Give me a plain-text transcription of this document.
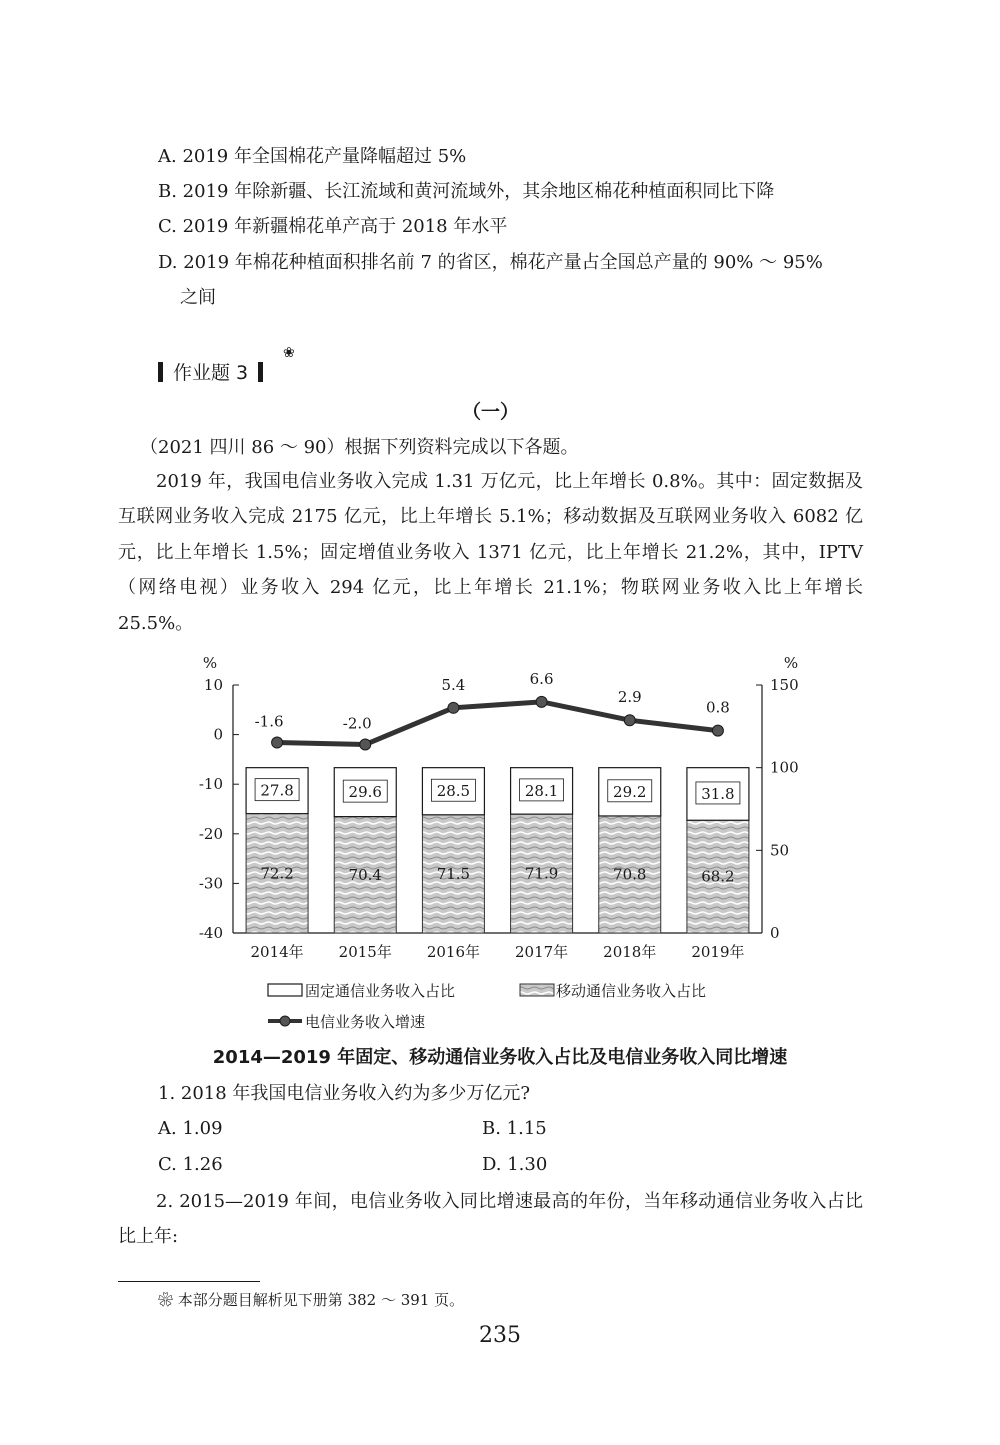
A. 2019 年全国棉花产量降幅超过 5%
B. 2019 年除新疆、长江流域和黄河流域外，其余地区棉花种植面积同比下降
C. 2019 年新疆棉花单产高于 2018 年水平
D. 2019 年棉花种植面积排名前 7 的省区，棉花产量占全国总产量的 90% ～ 95%
之间
作业题 3
❀
（一）
（2021 四川 86 ～ 90）根据下列资料完成以下各题。
2019 年，我国电信业务收入完成 1.31 万亿元，比上年增长 0.8%。其中：固定数据及互联网业务收入完成 2175 亿元，比上年增长 5.1%；移动数据及互联网业务收入 6082 亿元，比上年增长 1.5%；固定增值业务收入 1371 亿元，比上年增长 21.2%，其中，IPTV（网络电视）业务收入 294 亿元，比上年增长 21.1%；物联网业务收入比上年增长 25.5%。
10
0
-10
-20
-30
-40
%
150
100
50
0
%
27.8
72.2
2014年
29.6
70.4
2015年
28.5
71.5
2016年
28.1
71.9
2017年
29.2
70.8
2018年
31.8
68.2
2019年
-1.6	-2.0
5.4	6.6
2.9
0.8
固定通信业务收入占比	移动通信业务收入占比
电信业务收入增速
2014—2019 年固定、移动通信业务收入占比及电信业务收入同比增速
1. 2018 年我国电信业务收入约为多少万亿元?
A. 1.09	B. 1.15
C. 1.26	D. 1.30
2. 2015—2019 年间，电信业务收入同比增速最高的年份，当年移动通信业务收入占比比上年:
❀ 本部分题目解析见下册第 382 ～ 391 页。
235
